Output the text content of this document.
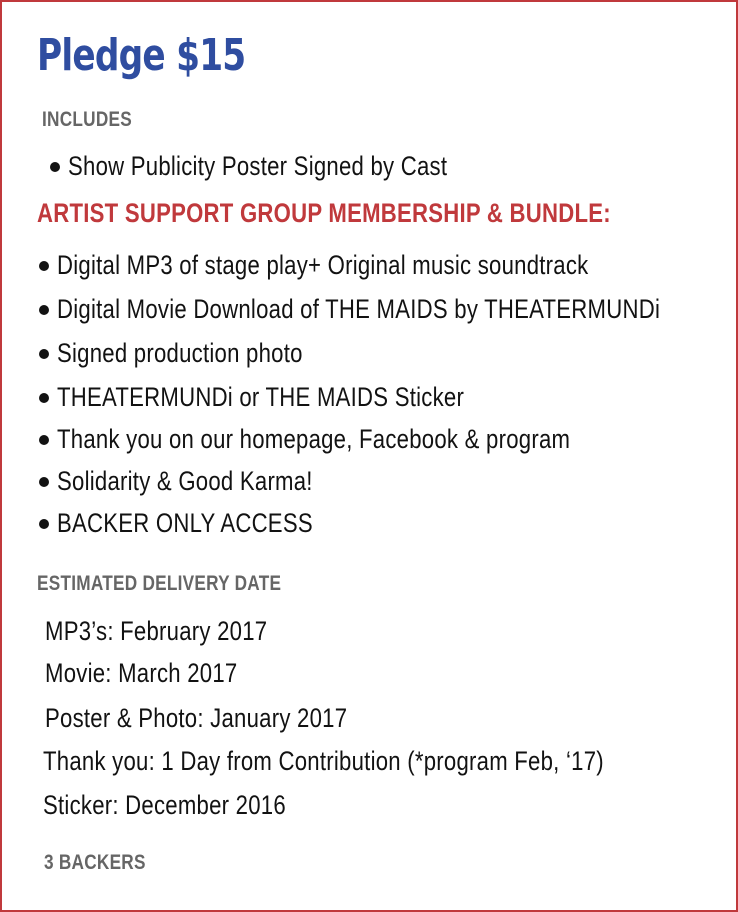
Pledge $15
INCLUDES
Show Publicity Poster Signed by Cast
ARTIST SUPPORT GROUP MEMBERSHIP & BUNDLE:
Digital MP3 of stage play+ Original music soundtrack
Digital Movie Download of THE MAIDS by THEATERMUNDi
Signed production photo
THEATERMUNDi or THE MAIDS Sticker
Thank you on our homepage, Facebook & program
Solidarity & Good Karma!
BACKER ONLY ACCESS
ESTIMATED DELIVERY DATE
MP3’s: February 2017
Movie: March 2017
Poster & Photo: January 2017
Thank you: 1 Day from Contribution (*program Feb, ‘17)
Sticker: December 2016
3 BACKERS
